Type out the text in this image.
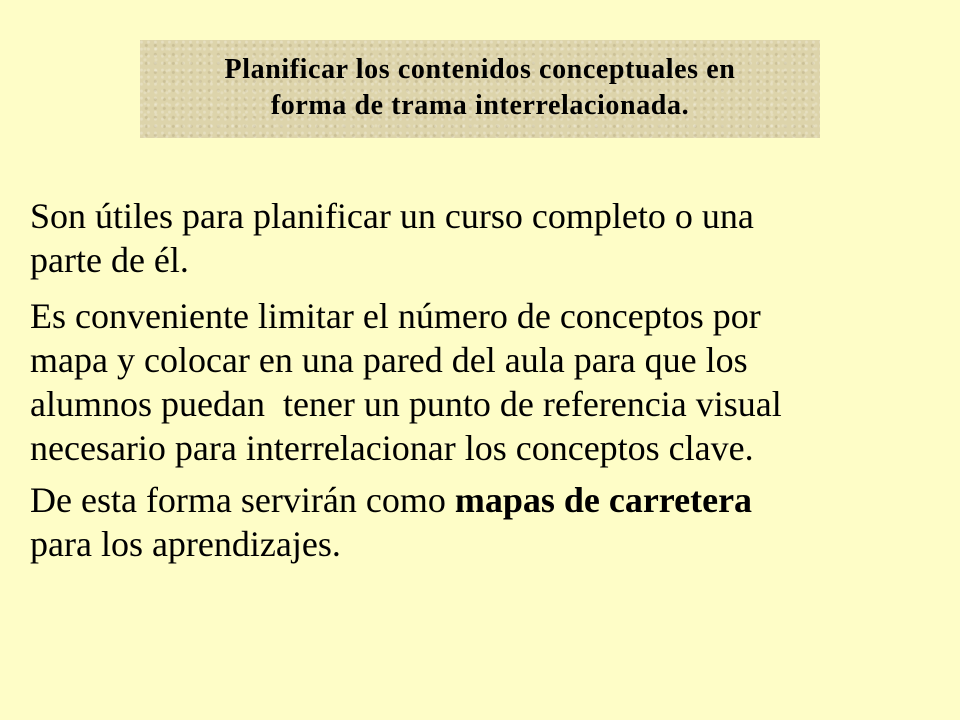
Planificar los contenidos conceptuales en
forma de trama interrelacionada.
Son útiles para planificar un curso completo o una
parte de él.
Es conveniente limitar el número de conceptos por
mapa y colocar en una pared del aula para que los
alumnos puedan  tener un punto de referencia visual
necesario para interrelacionar los conceptos clave.
De esta forma servirán como mapas de carretera
para los aprendizajes.
